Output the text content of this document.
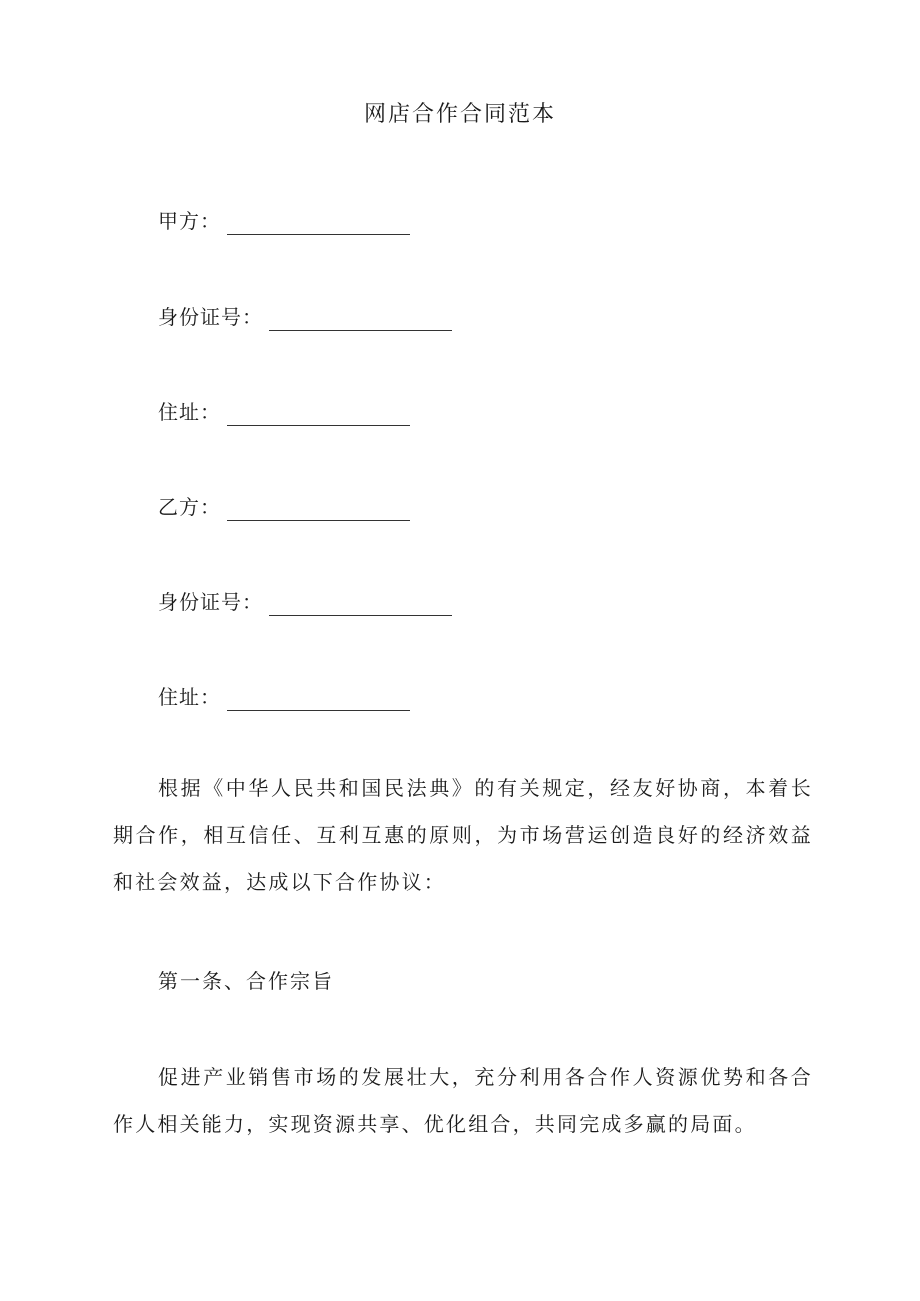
网店合作合同范本
甲方：
身份证号：
住址：
乙方：
身份证号：
住址：

根据《中华人民共和国民法典》的有关规定，经友好协商，本着长期合作，相互信任、互利互惠的原则，为市场营运创造良好的经济效益和社会效益，达成以下合作协议：

第一条、合作宗旨

促进产业销售市场的发展壮大，充分利用各合作人资源优势和各合作人相关能力，实现资源共享、优化组合，共同完成多赢的局面。
